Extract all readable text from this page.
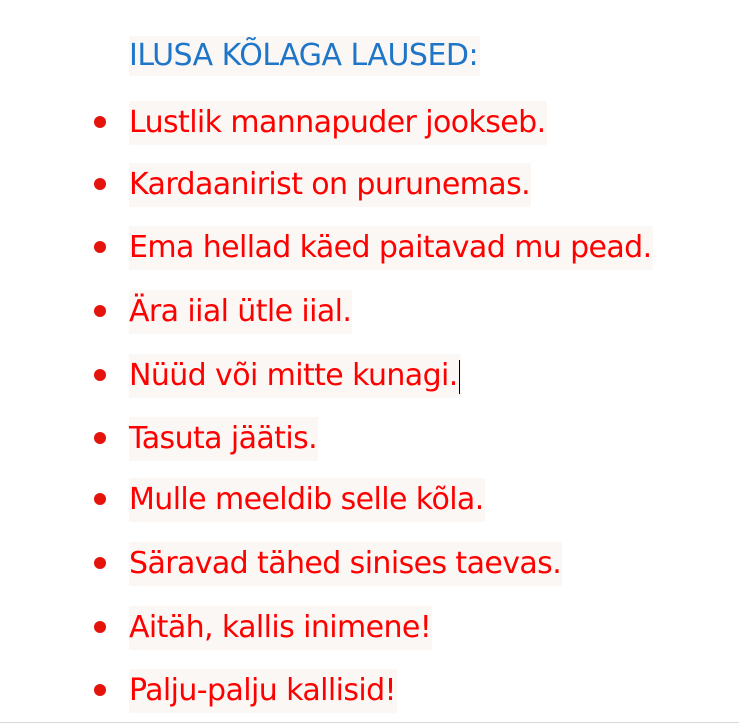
ILUSA KÕLAGA LAUSED:
Lustlik mannapuder jookseb.
Kardaanirist on purunemas.
Ema hellad käed paitavad mu pead.
Ära iial ütle iial.
Nüüd või mitte kunagi.
Tasuta jäätis.
Mulle meeldib selle kõla.
Säravad tähed sinises taevas.
Aitäh, kallis inimene!
Palju-palju kallisid!
